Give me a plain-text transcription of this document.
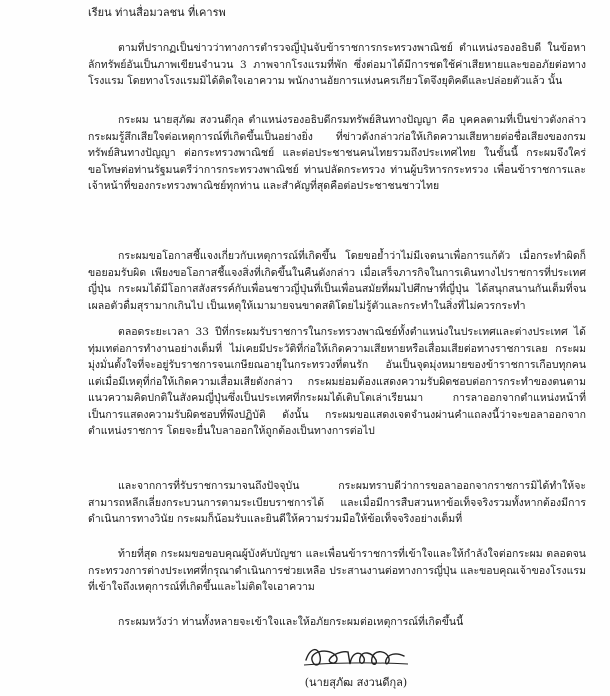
เรียน ท่านสื่อมวลชน ที่เคารพ

ตามที่ปรากฏเป็นข่าวว่าทางการตำรวจญี่ปุ่นจับข้าราชการกระทรวงพาณิชย์ ตำแหน่งรองอธิบดี ในข้อหาลักทรัพย์อันเป็นภาพเขียนจำนวน 3 ภาพจากโรงแรมที่พัก ซึ่งต่อมาได้มีการชดใช้ค่าเสียหายและขออภัยต่อทางโรงแรม โดยทางโรงแรมมิได้ติดใจเอาความ พนักงานอัยการแห่งนครเกียวโตจึงยุติคดีและปล่อยตัวแล้ว นั้น

กระผม นายสุภัฒ สงวนดีกุล ตำแหน่งรองอธิบดีกรมทรัพย์สินทางปัญญา คือ บุคคลตามที่เป็นข่าวดังกล่าว กระผมรู้สึกเสียใจต่อเหตุการณ์ที่เกิดขึ้นเป็นอย่างยิ่ง ที่ข่าวดังกล่าวก่อให้เกิดความเสียหายต่อชื่อเสียงของกรมทรัพย์สินทางปัญญา ต่อกระทรวงพาณิชย์ และต่อประชาชนคนไทยรวมถึงประเทศไทย ในขั้นนี้ กระผมจึงใคร่ขอโทษต่อท่านรัฐมนตรีว่าการกระทรวงพาณิชย์ ท่านปลัดกระทรวง ท่านผู้บริหารกระทรวง เพื่อนข้าราชการและเจ้าหน้าที่ของกระทรวงพาณิชย์ทุกท่าน และสำคัญที่สุดคือต่อประชาชนชาวไทย

กระผมขอโอกาสชี้แจงเกี่ยวกับเหตุการณ์ที่เกิดขึ้น โดยขอย้ำว่าไม่มีเจตนาเพื่อการแก้ตัว เมื่อกระทำผิดก็ขอยอมรับผิด เพียงขอโอกาสชี้แจงสิ่งที่เกิดขึ้นในคืนดังกล่าว เมื่อเสร็จภารกิจในการเดินทางไปราชการที่ประเทศญี่ปุ่น กระผมได้มีโอกาสสังสรรค์กับเพื่อนชาวญี่ปุ่นที่เป็นเพื่อนสมัยที่ผมไปศึกษาที่ญี่ปุ่น ได้สนุกสนานกันเต็มที่จนเผลอตัวดื่มสุรามากเกินไป เป็นเหตุให้เมามายจนขาดสติโดยไม่รู้ตัวและกระทำในสิ่งที่ไม่ควรกระทำ

ตลอดระยะเวลา 33 ปีที่กระผมรับราชการในกระทรวงพาณิชย์ทั้งตำแหน่งในประเทศและต่างประเทศ ได้ทุ่มเทต่อการทำงานอย่างเต็มที่ ไม่เคยมีประวัติที่ก่อให้เกิดความเสียหายหรือเสื่อมเสียต่อทางราชการเลย กระผมมุ่งมั่นตั้งใจที่จะอยู่รับราชการจนเกษียณอายุในกระทรวงที่ตนรัก อันเป็นจุดมุ่งหมายของข้าราชการเกือบทุกคน แต่เมื่อมีเหตุที่ก่อให้เกิดความเสื่อมเสียดังกล่าว กระผมย่อมต้องแสดงความรับผิดชอบต่อการกระทำของตนตามแนวความคิดปกติในสังคมญี่ปุ่นซึ่งเป็นประเทศที่กระผมได้เติบโตเล่าเรียนมา การลาออกจากตำแหน่งหน้าที่เป็นการแสดงความรับผิดชอบที่พึงปฏิบัติ ดังนั้น กระผมขอแสดงเจตจำนงผ่านคำแถลงนี้ว่าจะขอลาออกจากตำแหน่งราชการ โดยจะยื่นใบลาออกให้ถูกต้องเป็นทางการต่อไป

และจากการที่รับราชการมาจนถึงปัจจุบัน กระผมทราบดีว่าการขอลาออกจากราชการมิได้ทำให้จะสามารถหลีกเลี่ยงกระบวนการตามระเบียบราชการได้ และเมื่อมีการสืบสวนหาข้อเท็จจริงรวมทั้งหากต้องมีการดำเนินการทางวินัย กระผมก็น้อมรับและยินดีให้ความร่วมมือให้ข้อเท็จจริงอย่างเต็มที่

ท้ายที่สุด กระผมขอขอบคุณผู้บังคับบัญชา และเพื่อนข้าราชการที่เข้าใจและให้กำลังใจต่อกระผม ตลอดจนกระทรวงการต่างประเทศที่กรุณาดำเนินการช่วยเหลือ ประสานงานต่อทางการญี่ปุ่น และขอบคุณเจ้าของโรงแรมที่เข้าใจถึงเหตุการณ์ที่เกิดขึ้นและไม่ติดใจเอาความ

กระผมหวังว่า ท่านทั้งหลายจะเข้าใจและให้อภัยกระผมต่อเหตุการณ์ที่เกิดขึ้นนี้

(นายสุภัฒ สงวนดีกุล)
